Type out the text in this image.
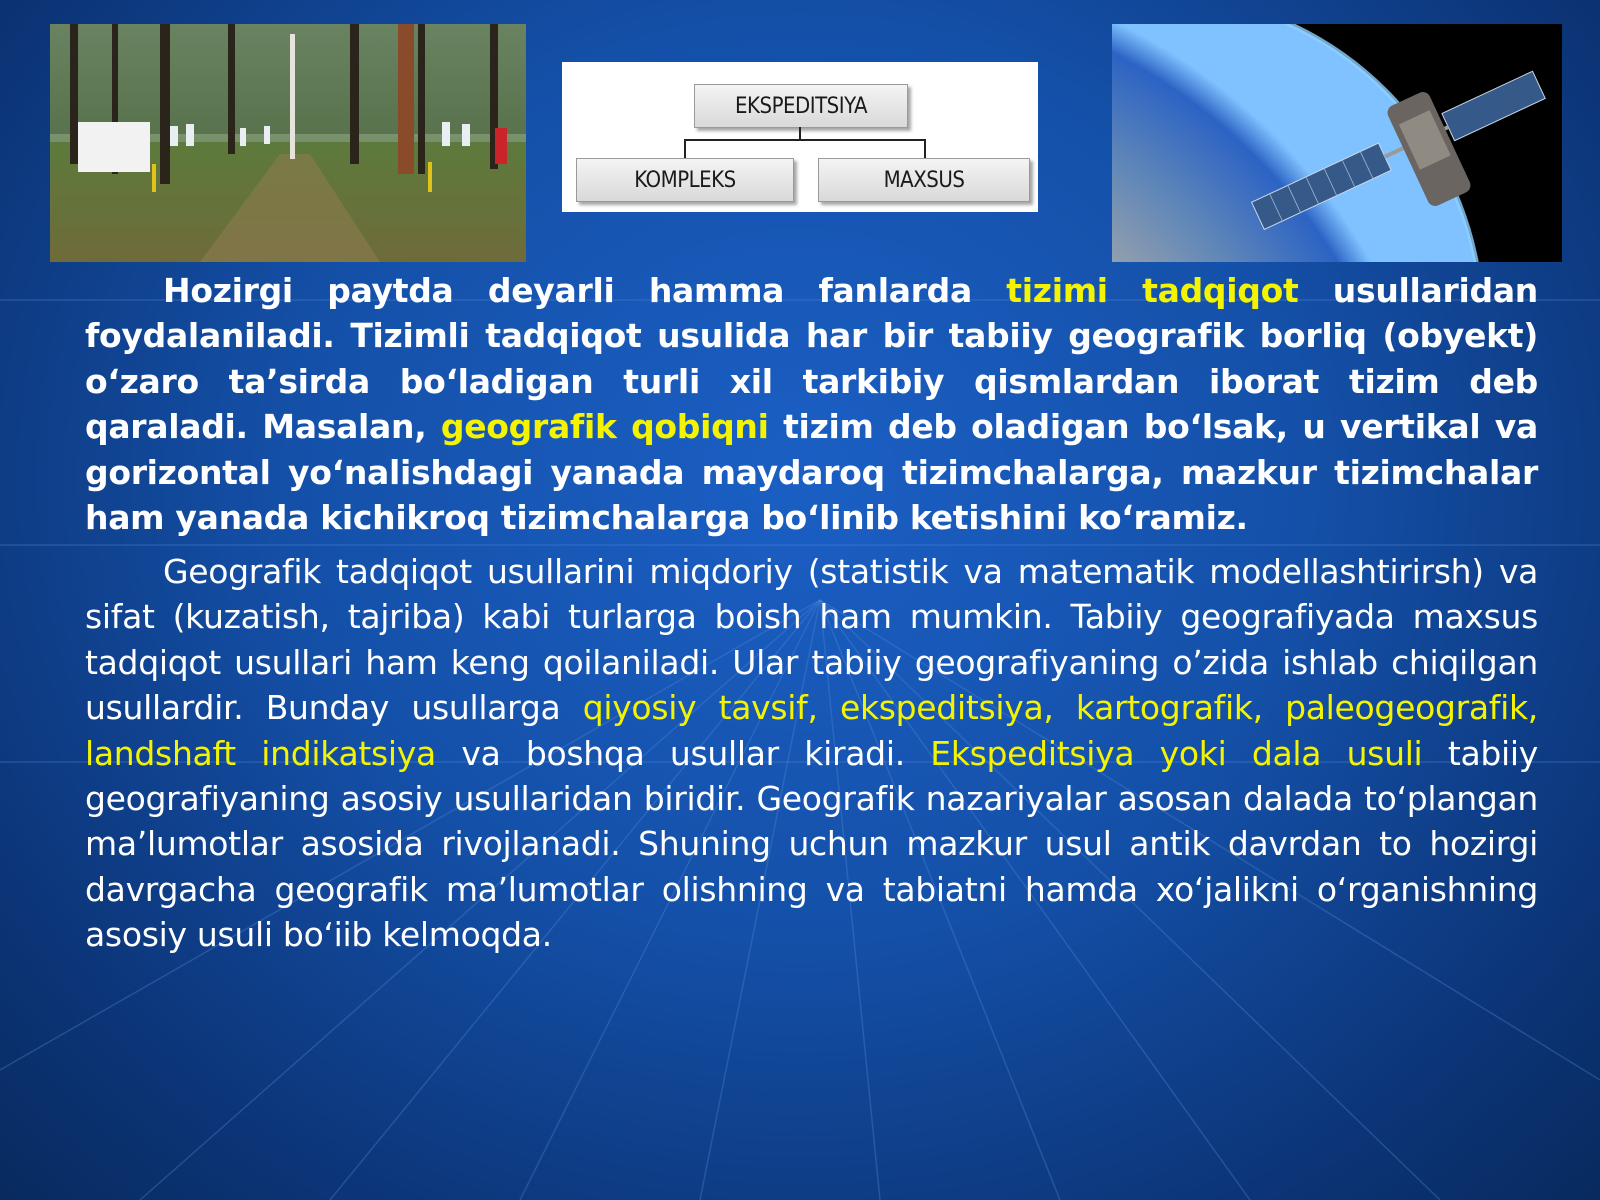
EKSPEDITSIYA
KOMPLEKS	MAXSUS
Hozirgi paytda deyarli hamma fanlarda tizimi tadqiqot usullaridan foydalaniladi. Tizimli tadqiqot usulida har bir tabiiy geografik borliq (obyekt) o‘zaro ta’sirda bo‘ladigan turli xil tarkibiy qismlardan iborat tizim deb qaraladi. Masalan, geografik qobiqni tizim deb oladigan bo‘lsak, u vertikal va gorizontal yo‘nalishdagi yanada maydaroq tizimchalarga, mazkur tizimchalar ham yanada kichikroq tizimchalarga bo‘linib ketishini ko‘ramiz.
Geografik tadqiqot usullarini miqdoriy (statistik va matematik modellashtirirsh) va sifat (kuzatish, tajriba) kabi turlarga boish ham mumkin. Tabiiy geografiyada maxsus tadqiqot usullari ham keng qoilaniladi. Ular tabiiy geografiyaning o’zida ishlab chiqilgan usullardir. Bunday usullarga qiyosiy tavsif, ekspeditsiya, kartografik, paleogeografik, landshaft indikatsiya va boshqa usullar kiradi. Ekspeditsiya yoki dala usuli tabiiy geografiyaning asosiy usullaridan biridir. Geografik nazariyalar asosan dalada to‘plangan ma’lumotlar asosida rivojlanadi. Shuning uchun mazkur usul antik davrdan to hozirgi davrgacha geografik ma’lumotlar olishning va tabiatni hamda xo‘jalikni o‘rganishning asosiy usuli bo‘iib kelmoqda.
